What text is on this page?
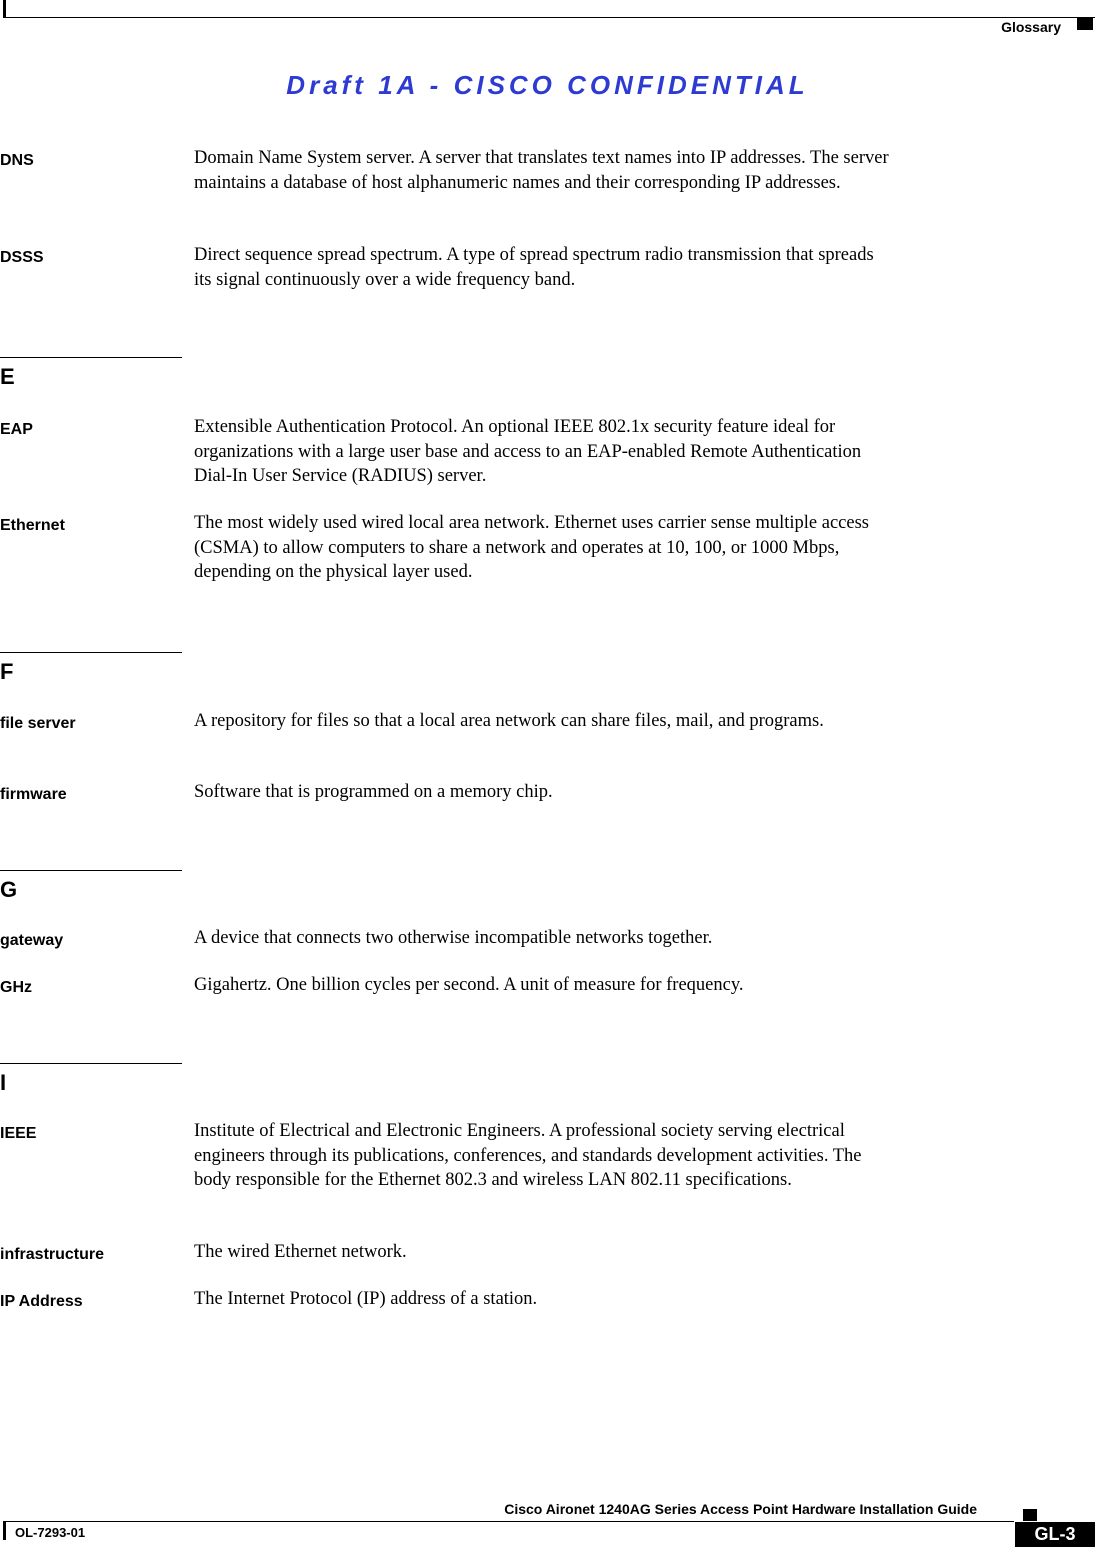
Glossary
Draft 1A - CISCO CONFIDENTIAL
DNS	Domain Name System server. A server that translates text names into IP addresses. The server maintains a database of host alphanumeric names and their corresponding IP addresses.
DSSS	Direct sequence spread spectrum. A type of spread spectrum radio transmission that spreads its signal continuously over a wide frequency band.
E
EAP	Extensible Authentication Protocol. An optional IEEE 802.1x security feature ideal for organizations with a large user base and access to an EAP-enabled Remote Authentication Dial-In User Service (RADIUS) server.
Ethernet	The most widely used wired local area network. Ethernet uses carrier sense multiple access (CSMA) to allow computers to share a network and operates at 10, 100, or 1000 Mbps, depending on the physical layer used.
F
file server	A repository for files so that a local area network can share files, mail, and programs.
firmware	Software that is programmed on a memory chip.
G
gateway	A device that connects two otherwise incompatible networks together.
GHz	Gigahertz. One billion cycles per second. A unit of measure for frequency.
I
IEEE	Institute of Electrical and Electronic Engineers. A professional society serving electrical engineers through its publications, conferences, and standards development activities. The body responsible for the Ethernet 802.3 and wireless LAN 802.11 specifications.
infrastructure	The wired Ethernet network.
IP Address	The Internet Protocol (IP) address of a station.
Cisco Aironet 1240AG Series Access Point Hardware Installation Guide
OL-7293-01	GL-3
